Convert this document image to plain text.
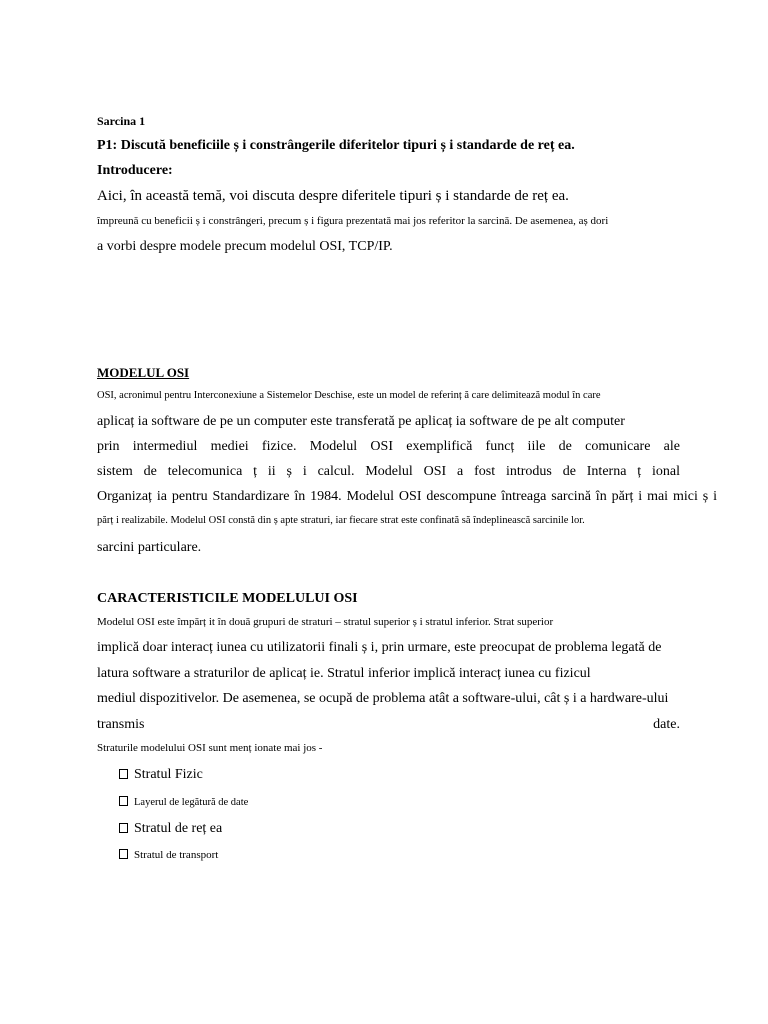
Sarcina 1
P1: Discută beneficiile ș i constrângerile diferitelor tipuri ș i standarde de reț ea.
Introducere:
Aici, în această temă, voi discuta despre diferitele tipuri ș i standarde de reț ea.
împreună cu beneficii ș i constrângeri, precum ș i figura prezentată mai jos referitor la sarcină. De asemenea, aș dori
a vorbi despre modele precum modelul OSI, TCP/IP.
MODELUL OSI
OSI, acronimul pentru Interconexiune a Sistemelor Deschise, este un model de referinț ă care delimitează modul în care
aplicaț ia software de pe un computer este transferată pe aplicaț ia software de pe alt computer
prin intermediul mediei fizice. Modelul OSI exemplifică funcț iile de comunicare ale
sistem de telecomunica ț ii ș i calcul. Modelul OSI a fost introdus de Interna ț ional
Organizaț ia pentru Standardizare în 1984. Modelul OSI descompune întreaga sarcină în părț i mai mici ș i
părț i realizabile. Modelul OSI constă din ș apte straturi, iar fiecare strat este confinată să îndeplinească sarcinile lor.
sarcini particulare.
CARACTERISTICILE MODELULUI OSI
Modelul OSI este împărț it în două grupuri de straturi – stratul superior ș i stratul inferior. Strat superior
implică doar interacț iunea cu utilizatorii finali ș i, prin urmare, este preocupat de problema legată de
latura software a straturilor de aplicaț ie. Stratul inferior implică interacț iunea cu fizicul
mediul dispozitivelor. De asemenea, se ocupă de problema atât a software-ului, cât ș i a hardware-ului
transmis date.
Straturile modelului OSI sunt menț ionate mai jos -
Stratul Fizic
Layerul de legătură de date
Stratul de reț ea
Stratul de transport
